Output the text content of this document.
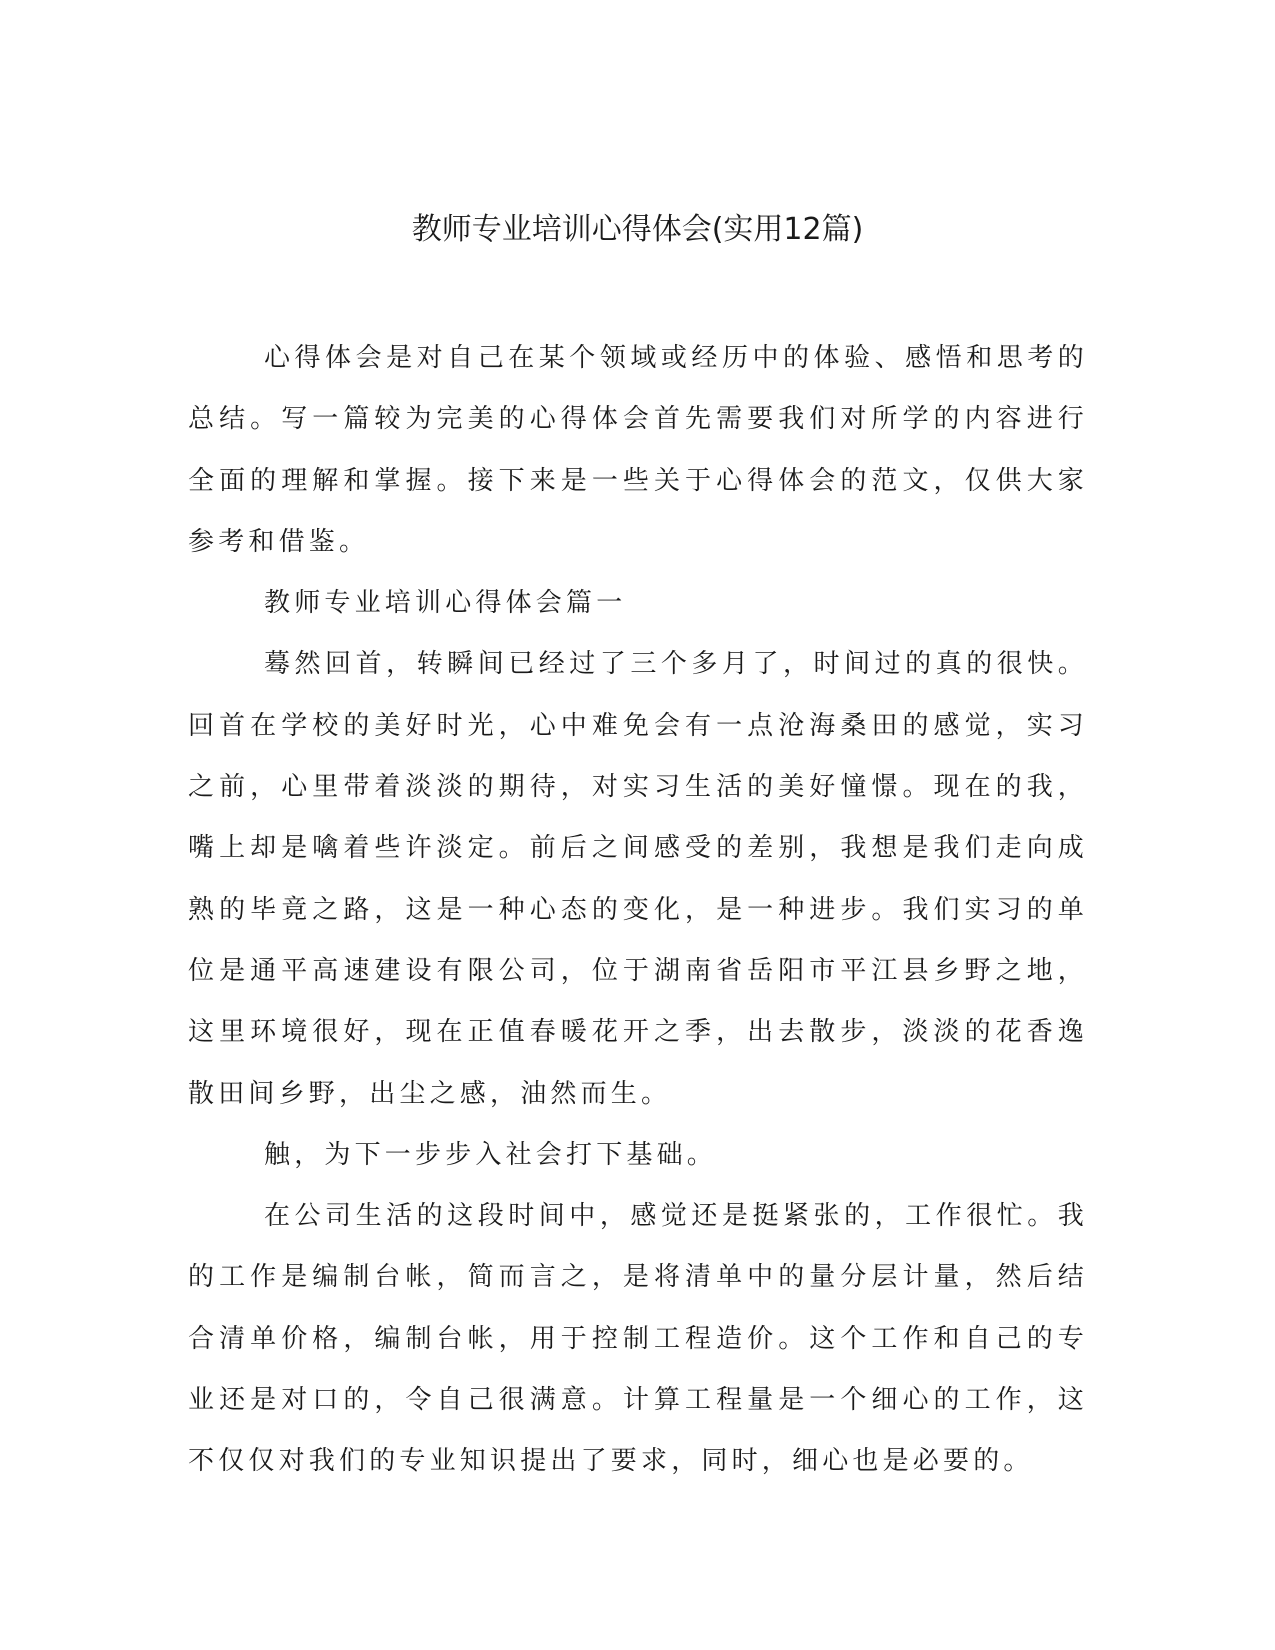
教师专业培训心得体会(实用12篇)

心得体会是对自己在某个领域或经历中的体验、感悟和思考的总结。写一篇较为完美的心得体会首先需要我们对所学的内容进行全面的理解和掌握。接下来是一些关于心得体会的范文，仅供大家参考和借鉴。

教师专业培训心得体会篇一

蓦然回首，转瞬间已经过了三个多月了，时间过的真的很快。回首在学校的美好时光，心中难免会有一点沧海桑田的感觉，实习之前，心里带着淡淡的期待，对实习生活的美好憧憬。现在的我，嘴上却是噙着些许淡定。前后之间感受的差别，我想是我们走向成熟的毕竟之路，这是一种心态的变化，是一种进步。我们实习的单位是通平高速建设有限公司，位于湖南省岳阳市平江县乡野之地，这里环境很好，现在正值春暖花开之季，出去散步，淡淡的花香逸散田间乡野，出尘之感，油然而生。

触，为下一步步入社会打下基础。

在公司生活的这段时间中，感觉还是挺紧张的，工作很忙。我的工作是编制台帐，简而言之，是将清单中的量分层计量，然后结合清单价格，编制台帐，用于控制工程造价。这个工作和自己的专业还是对口的，令自己很满意。计算工程量是一个细心的工作，这不仅仅对我们的专业知识提出了要求，同时，细心也是必要的。
